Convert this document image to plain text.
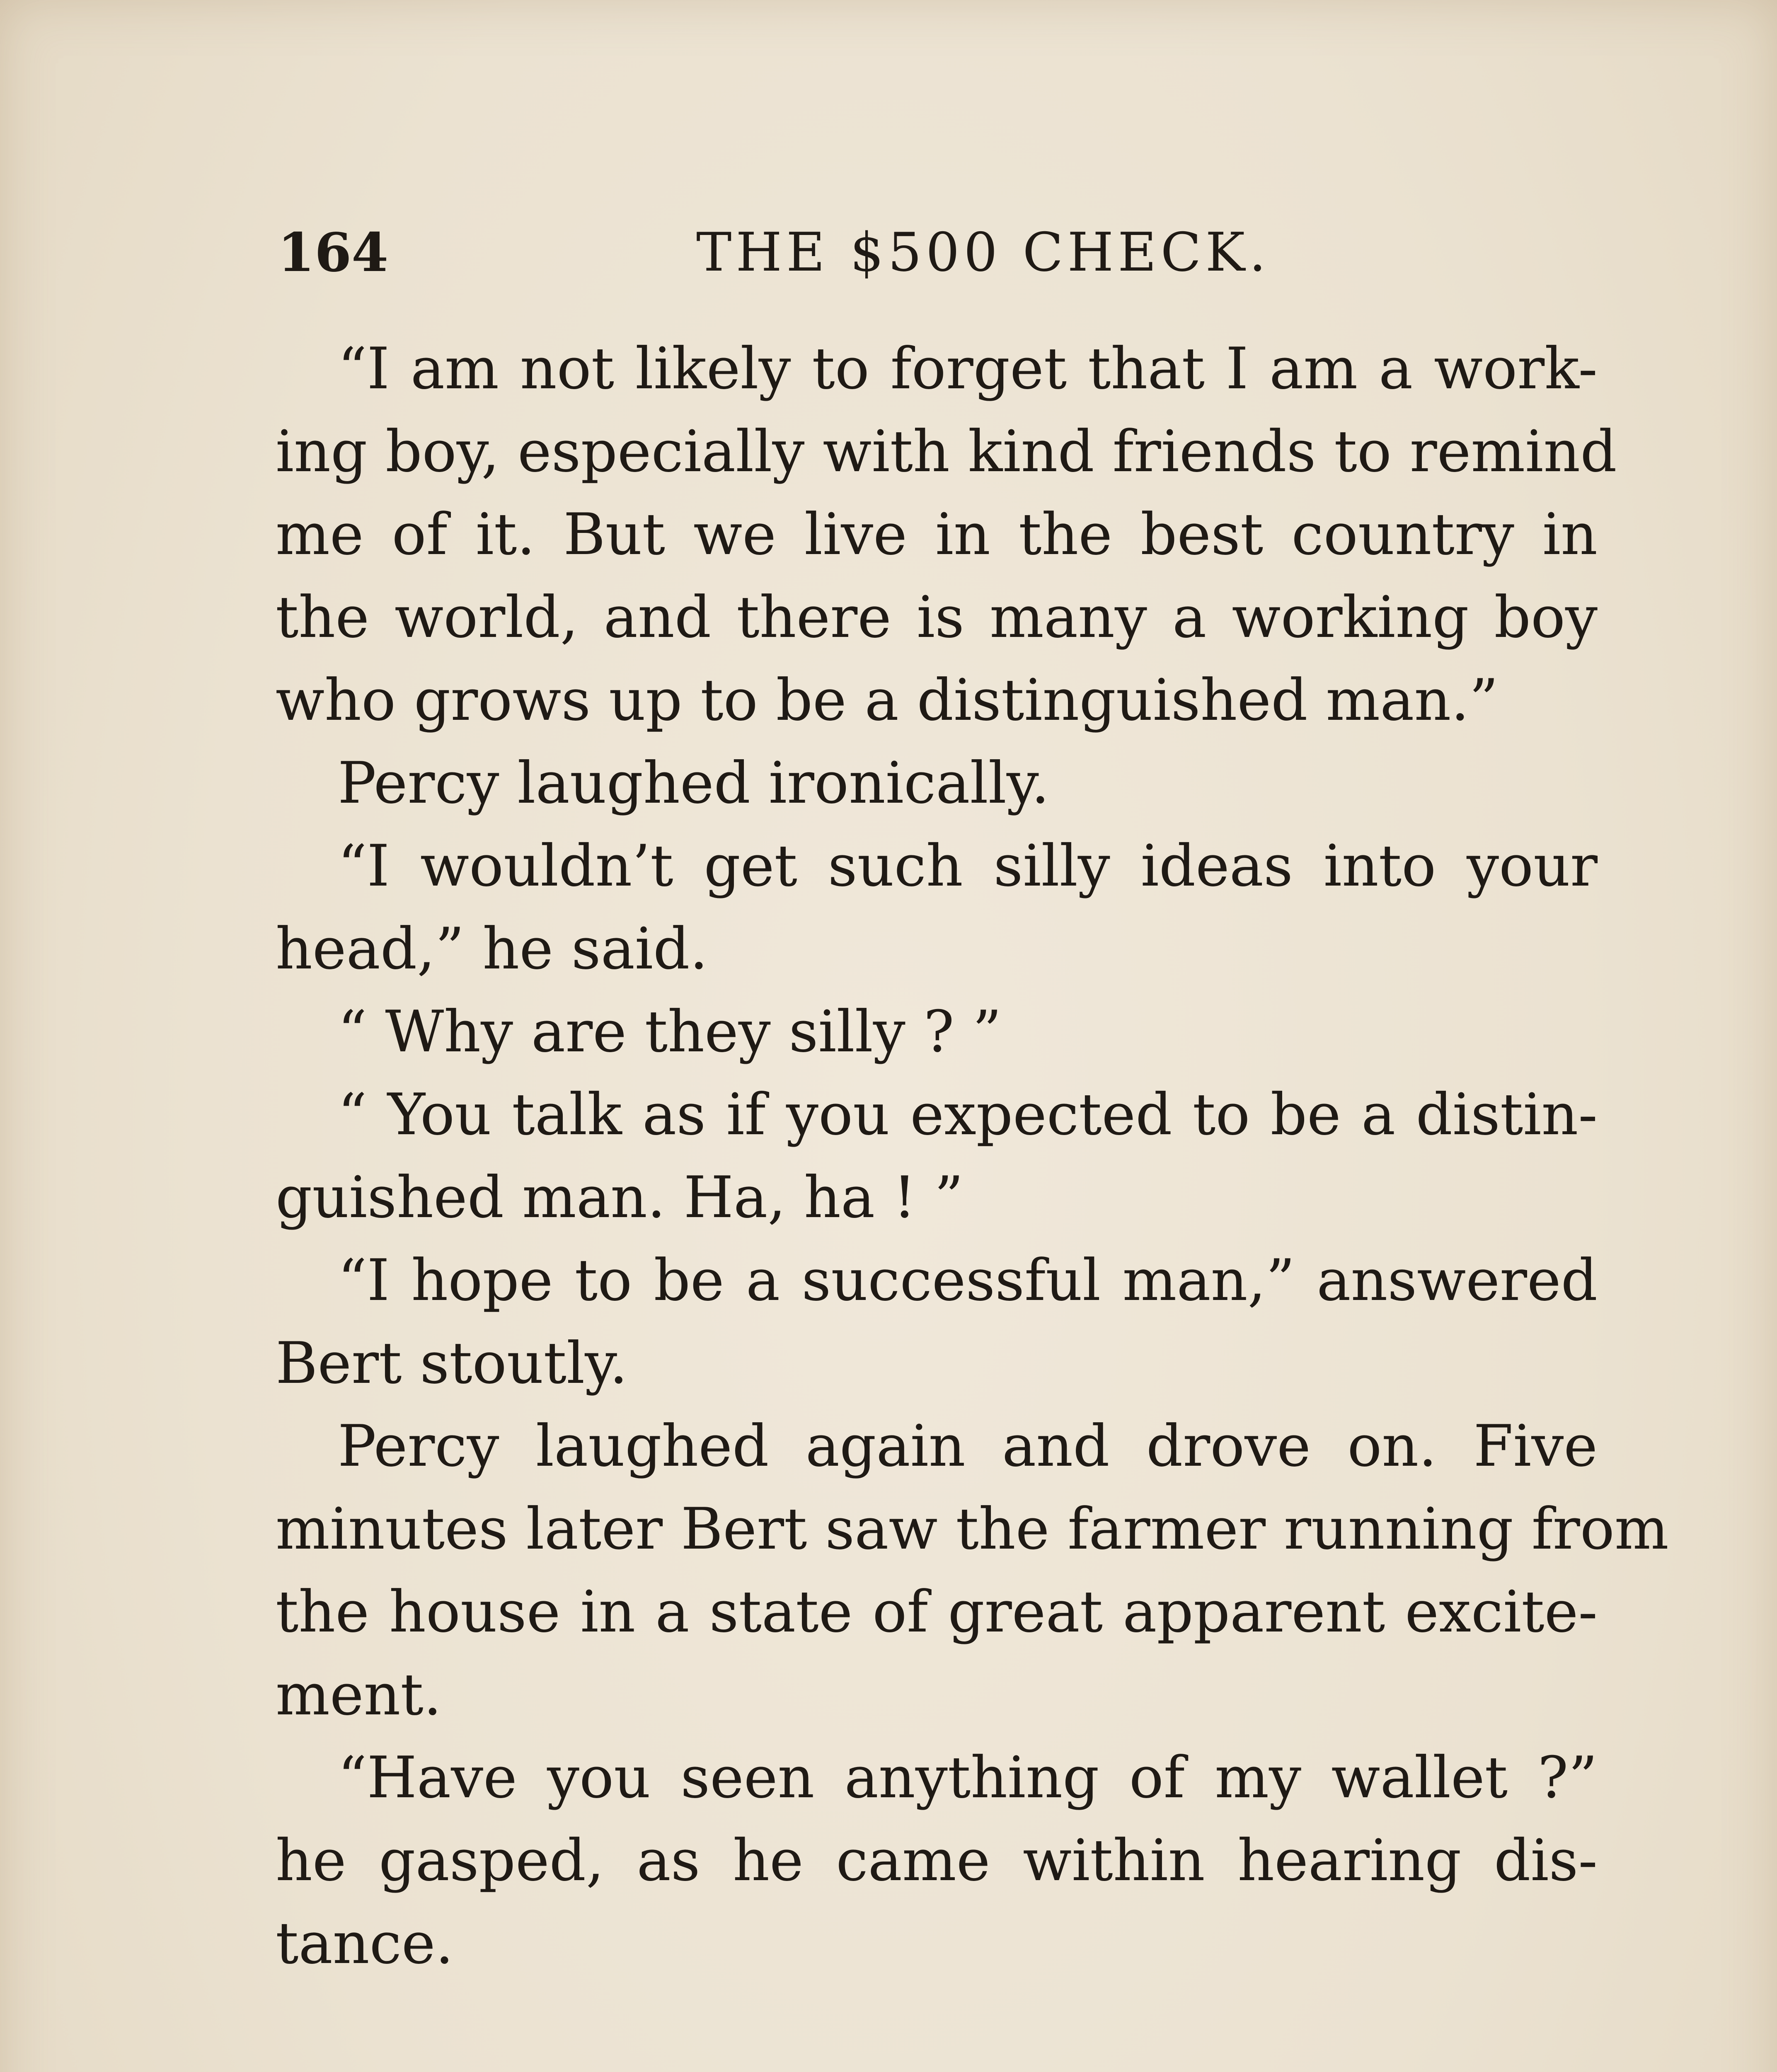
164	THE $500 CHECK.
“I am not likely to forget that I am a work-
ing boy, especially with kind friends to remind
me of it. But we live in the best country in
the world, and there is many a working boy
who grows up to be a distinguished man.”
Percy laughed ironically.
“I wouldn’t get such silly ideas into your
head,” he said.
“ Why are they silly ? ”
“ You talk as if you expected to be a distin-
guished man. Ha, ha ! ”
“I hope to be a successful man,” answered
Bert stoutly.
Percy laughed again and drove on. Five
minutes later Bert saw the farmer running from
the house in a state of great apparent excite-
ment.
“Have you seen anything of my wallet ?”
he gasped, as he came within hearing dis-
tance.
